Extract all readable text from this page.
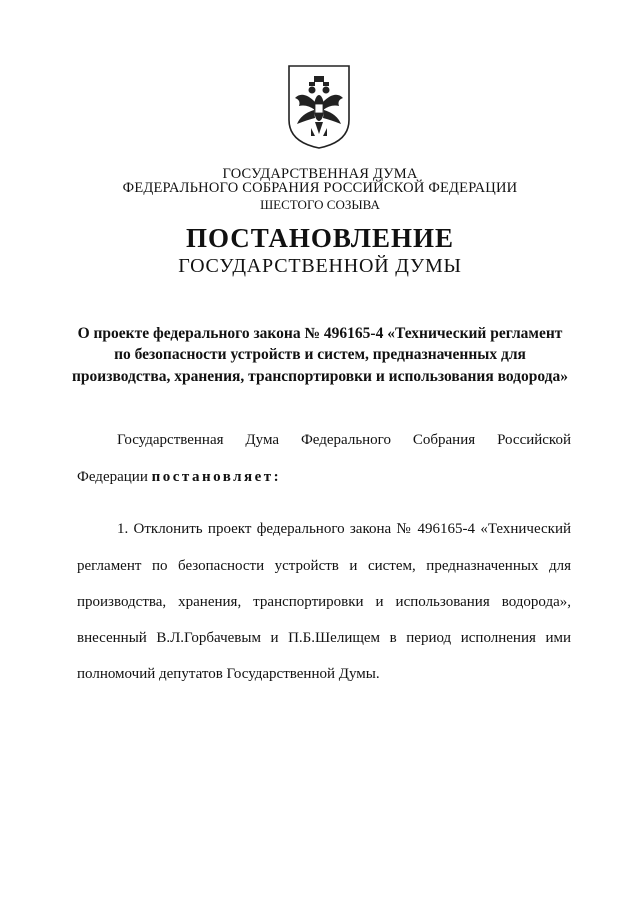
ГОСУДАРСТВЕННАЯ ДУМА
ФЕДЕРАЛЬНОГО СОБРАНИЯ РОССИЙСКОЙ ФЕДЕРАЦИИ
ШЕСТОГО СОЗЫВА
ПОСТАНОВЛЕНИЕ
ГОСУДАРСТВЕННОЙ ДУМЫ
О проекте федерального закона № 496165-4 «Технический регламент
по безопасности устройств и систем, предназначенных для
производства, хранения, транспортировки и использования водорода»
Государственная Дума Федерального Собрания Российской
Федерации постановляет:
1. Отклонить проект федерального закона № 496165-4 «Технический
регламент по безопасности устройств и систем, предназначенных для
производства, хранения, транспортировки и использования водорода»,
внесенный В.Л.Горбачевым и П.Б.Шелищем в период исполнения ими
полномочий депутатов Государственной Думы.
